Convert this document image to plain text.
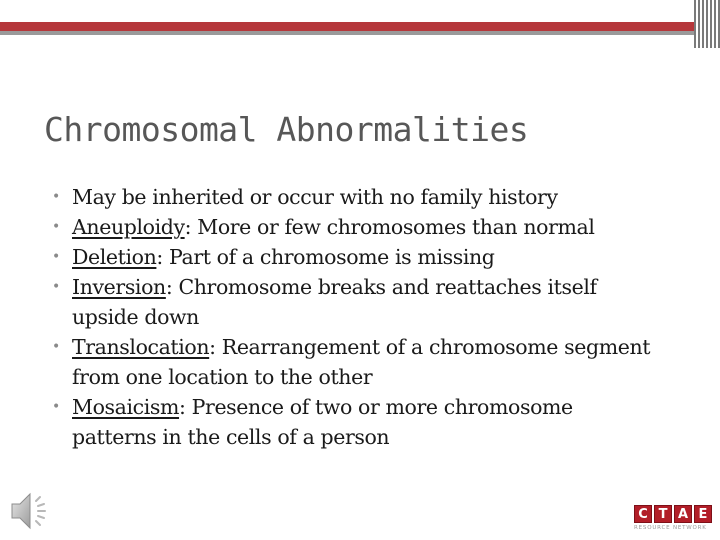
Chromosomal Abnormalities
• May be inherited or occur with no family history
• Aneuploidy: More or few chromosomes than normal
• Deletion: Part of a chromosome is missing
• Inversion: Chromosome breaks and reattaches itself upside down
• Translocation: Rearrangement of a chromosome segment from one location to the other
• Mosaicism: Presence of two or more chromosome patterns in the cells of a person
C T A E
RESOURCE NETWORK
